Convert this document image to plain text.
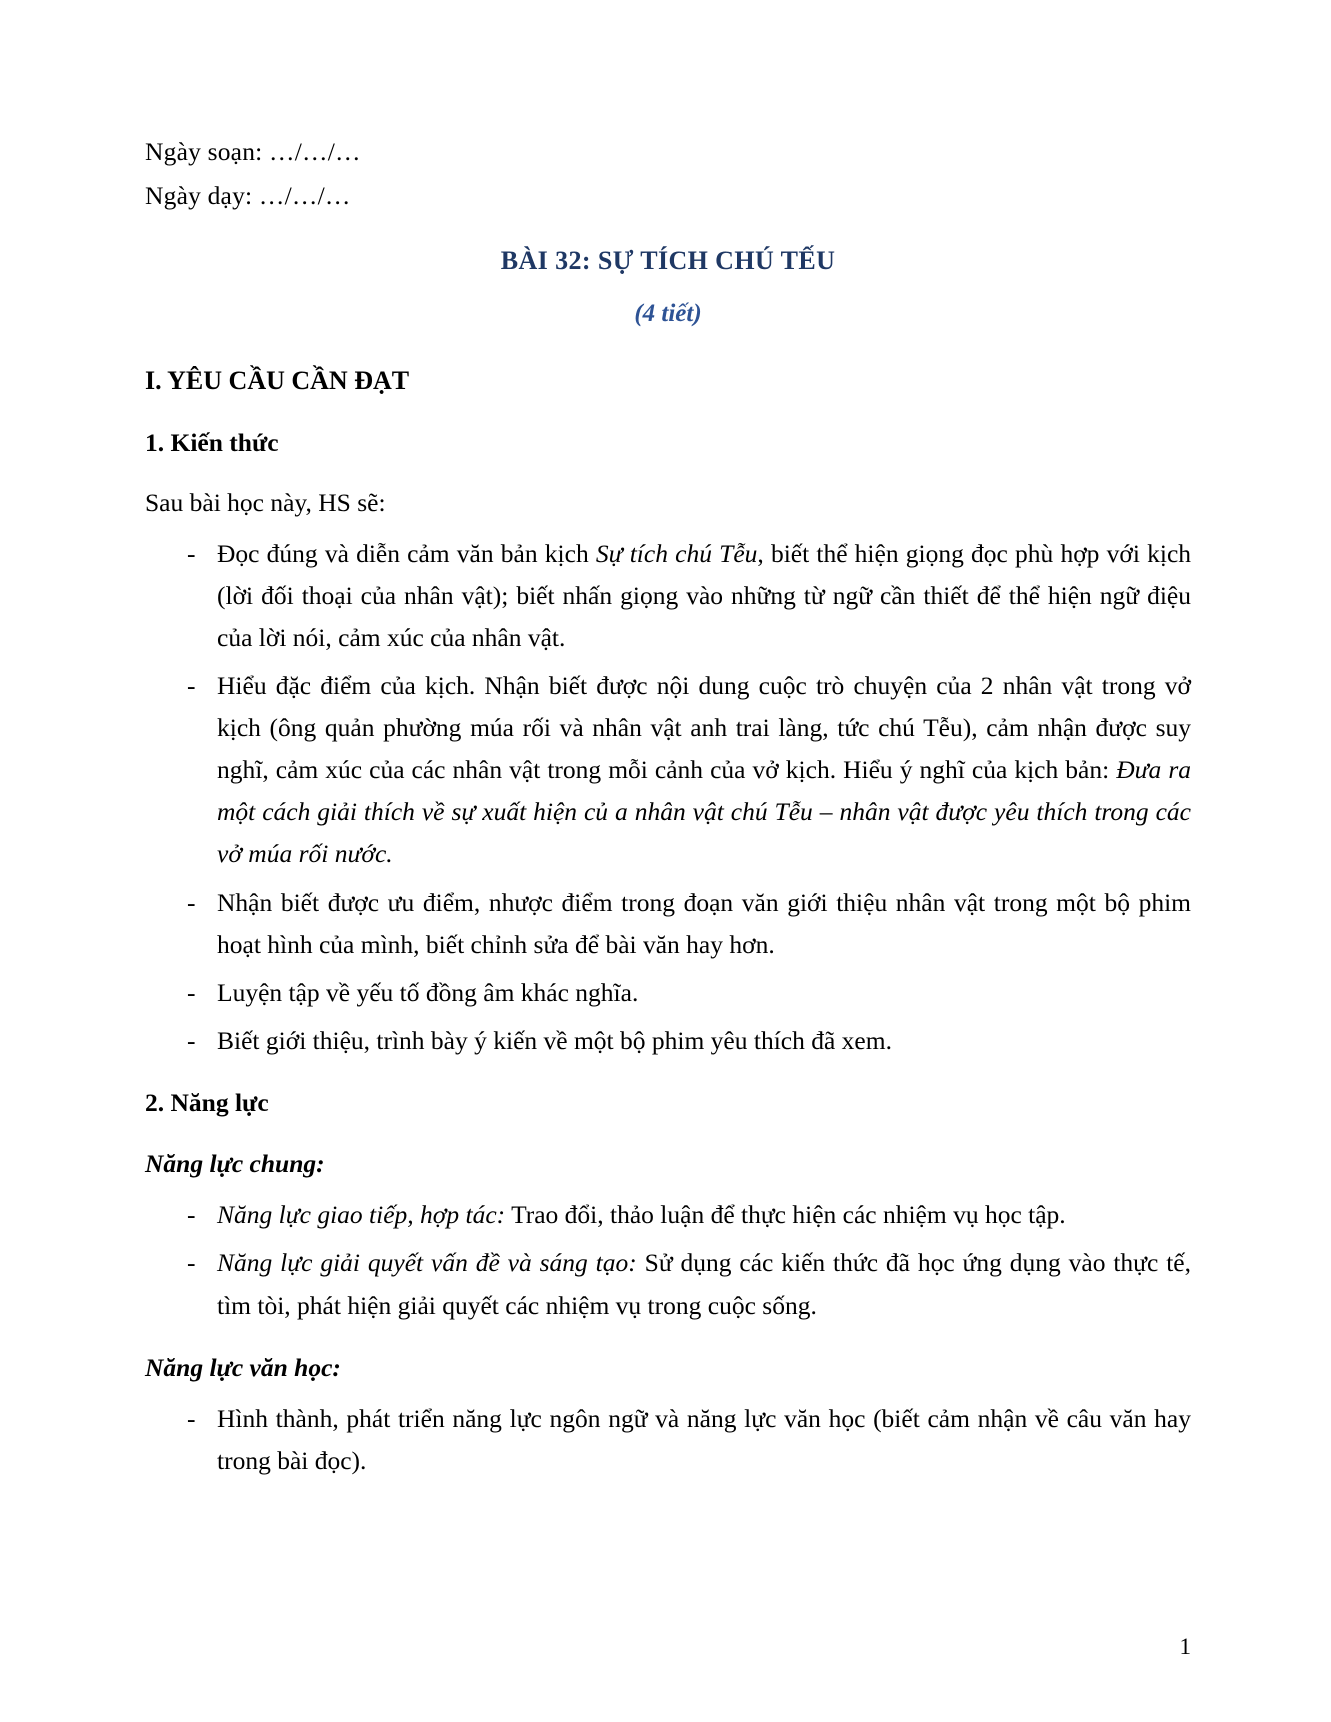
Ngày soạn: …/…/…
Ngày dạy: …/…/…
BÀI 32: SỰ TÍCH CHÚ TẾU
(4 tiết)
I. YÊU CẦU CẦN ĐẠT
1. Kiến thức
Sau bài học này, HS sẽ:
- Đọc đúng và diễn cảm văn bản kịch Sự tích chú Tễu, biết thể hiện giọng đọc phù hợp với kịch (lời đối thoại của nhân vật); biết nhấn giọng vào những từ ngữ cần thiết để thể hiện ngữ điệu của lời nói, cảm xúc của nhân vật.
- Hiểu đặc điểm của kịch. Nhận biết được nội dung cuộc trò chuyện của 2 nhân vật trong vở kịch (ông quản phường múa rối và nhân vật anh trai làng, tức chú Tễu), cảm nhận được suy nghĩ, cảm xúc của các nhân vật trong mỗi cảnh của vở kịch. Hiểu ý nghĩ của kịch bản: Đưa ra một cách giải thích về sự xuất hiện củ a nhân vật chú Tễu – nhân vật được yêu thích trong các vở múa rối nước.
- Nhận biết được ưu điểm, nhược điểm trong đoạn văn giới thiệu nhân vật trong một bộ phim hoạt hình của mình, biết chỉnh sửa để bài văn hay hơn.
- Luyện tập về yếu tố đồng âm khác nghĩa.
- Biết giới thiệu, trình bày ý kiến về một bộ phim yêu thích đã xem.
2. Năng lực
Năng lực chung:
- Năng lực giao tiếp, hợp tác: Trao đổi, thảo luận để thực hiện các nhiệm vụ học tập.
- Năng lực giải quyết vấn đề và sáng tạo: Sử dụng các kiến thức đã học ứng dụng vào thực tế, tìm tòi, phát hiện giải quyết các nhiệm vụ trong cuộc sống.
Năng lực văn học:
- Hình thành, phát triển năng lực ngôn ngữ và năng lực văn học (biết cảm nhận về câu văn hay trong bài đọc).
1
